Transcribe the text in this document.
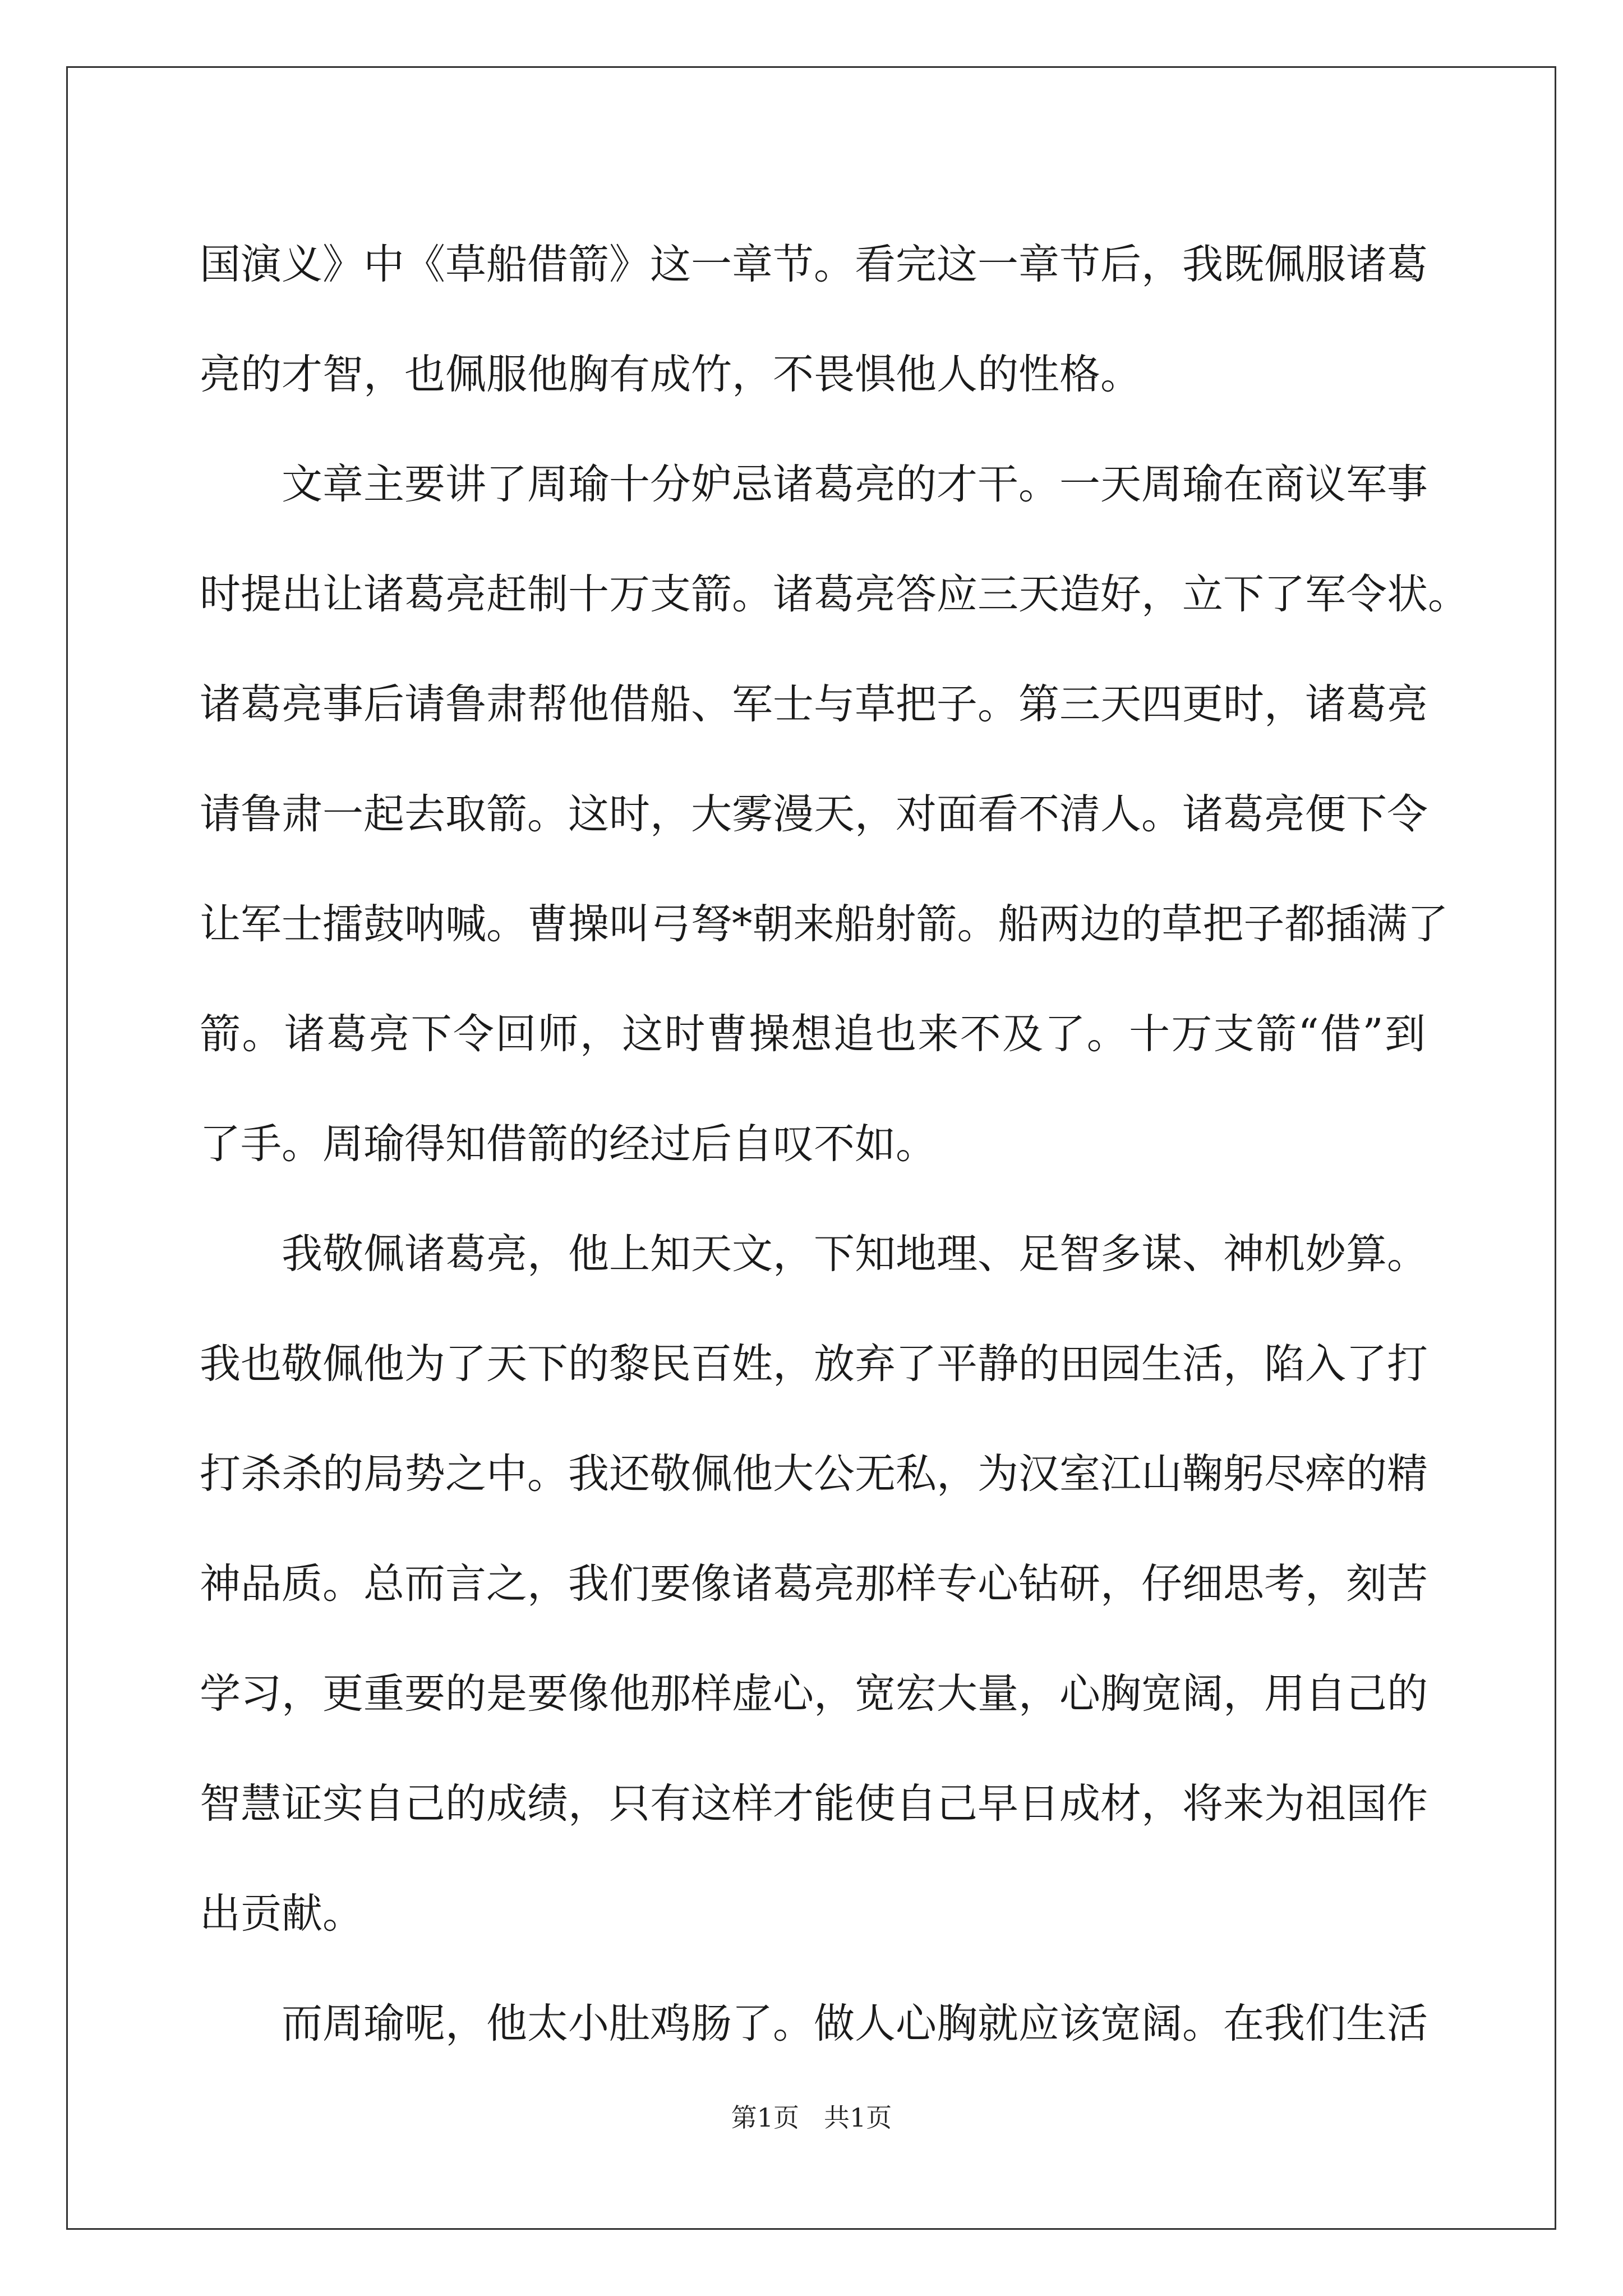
国演义》中《草船借箭》这一章节。看完这一章节后，我既佩服诸葛
亮的才智，也佩服他胸有成竹，不畏惧他人的性格。
文章主要讲了周瑜十分妒忌诸葛亮的才干。一天周瑜在商议军事
时提出让诸葛亮赶制十万支箭。诸葛亮答应三天造好，立下了军令状。
诸葛亮事后请鲁肃帮他借船、军士与草把子。第三天四更时，诸葛亮
请鲁肃一起去取箭。这时，大雾漫天，对面看不清人。诸葛亮便下令
让军士擂鼓呐喊。曹操叫弓弩*朝来船射箭。船两边的草把子都插满了
箭。诸葛亮下令回师，这时曹操想追也来不及了。十万支箭“借”到
了手。周瑜得知借箭的经过后自叹不如。
我敬佩诸葛亮，他上知天文，下知地理、足智多谋、神机妙算。
我也敬佩他为了天下的黎民百姓，放弃了平静的田园生活，陷入了打
打杀杀的局势之中。我还敬佩他大公无私，为汉室江山鞠躬尽瘁的精
神品质。总而言之，我们要像诸葛亮那样专心钻研，仔细思考，刻苦
学习，更重要的是要像他那样虚心，宽宏大量，心胸宽阔，用自己的
智慧证实自己的成绩，只有这样才能使自己早日成材，将来为祖国作
出贡献。
而周瑜呢，他太小肚鸡肠了。做人心胸就应该宽阔。在我们生活
第1页 共1页
